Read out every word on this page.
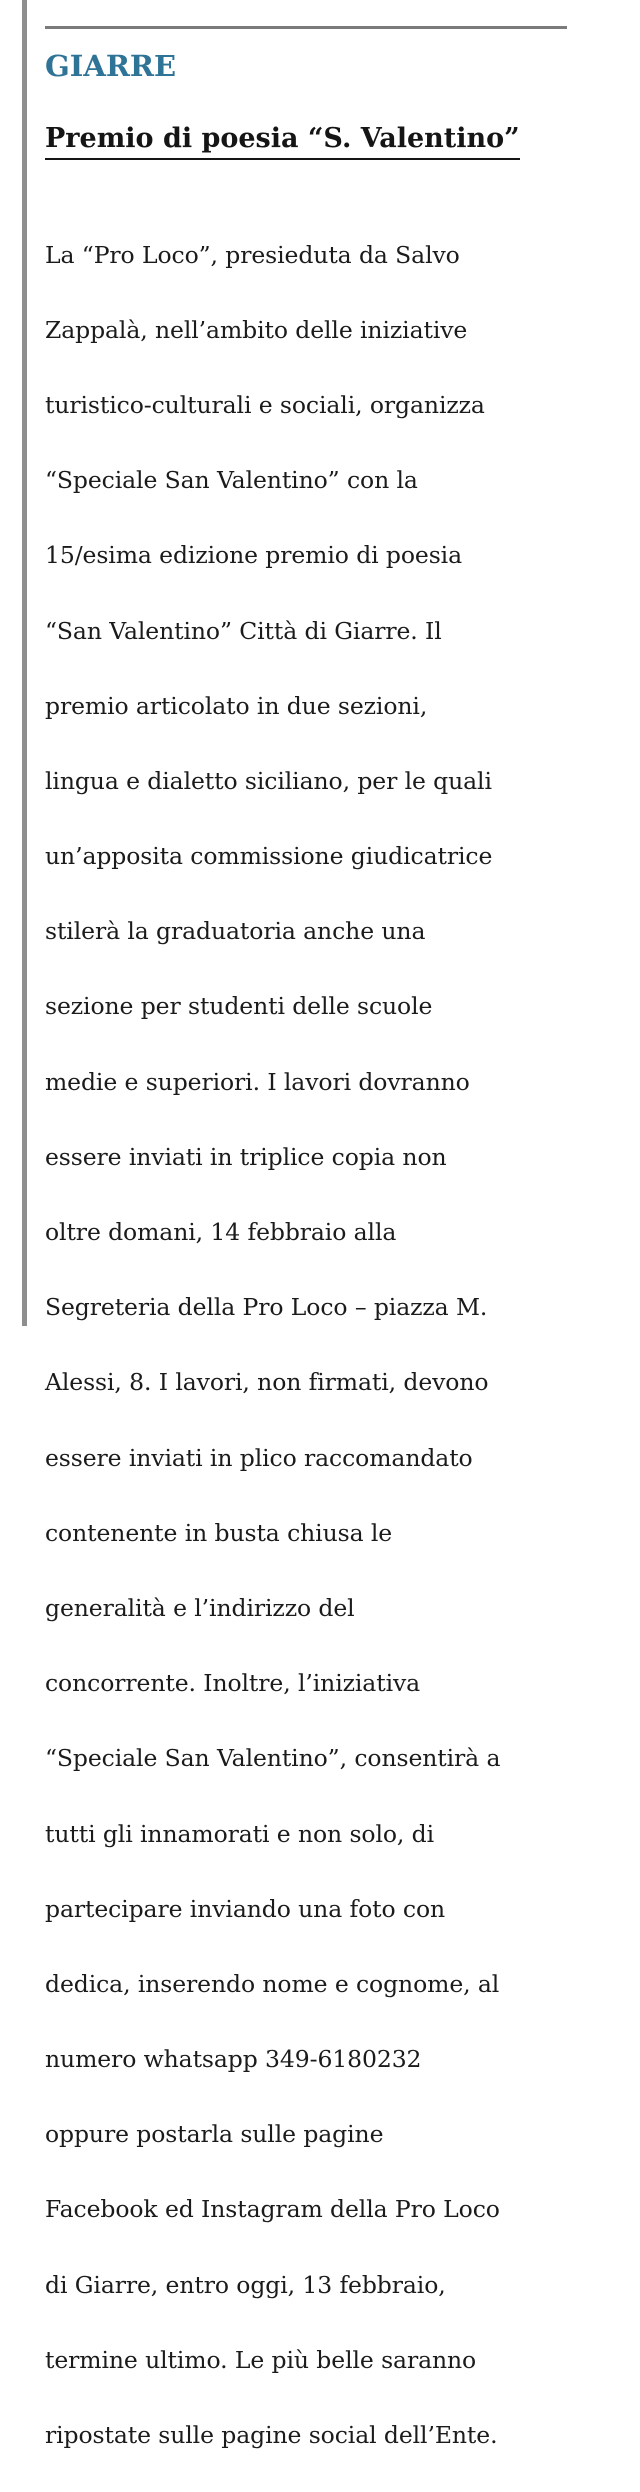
GIARRE
Premio di poesia “S. Valentino”

La “Pro Loco”, presieduta da Salvo

Zappalà, nell’ambito delle iniziative

turistico-culturali e sociali, organizza

“Speciale San Valentino” con la

15/esima edizione premio di poesia

“San Valentino” Città di Giarre. Il

premio articolato in due sezioni,

lingua e dialetto siciliano, per le quali

un’apposita commissione giudicatrice

stilerà la graduatoria anche una

sezione per studenti delle scuole

medie e superiori. I lavori dovranno

essere inviati in triplice copia non

oltre domani, 14 febbraio alla

Segreteria della Pro Loco – piazza M.

Alessi, 8. I lavori, non firmati, devono

essere inviati in plico raccomandato

contenente in busta chiusa le

generalità e l’indirizzo del

concorrente. Inoltre, l’iniziativa

“Speciale San Valentino”, consentirà a

tutti gli innamorati e non solo, di

partecipare inviando una foto con

dedica, inserendo nome e cognome, al

numero whatsapp 349-6180232

oppure postarla sulle pagine

Facebook ed Instagram della Pro Loco

di Giarre, entro oggi, 13 febbraio,

termine ultimo. Le più belle saranno

ripostate sulle pagine social dell’Ente.
